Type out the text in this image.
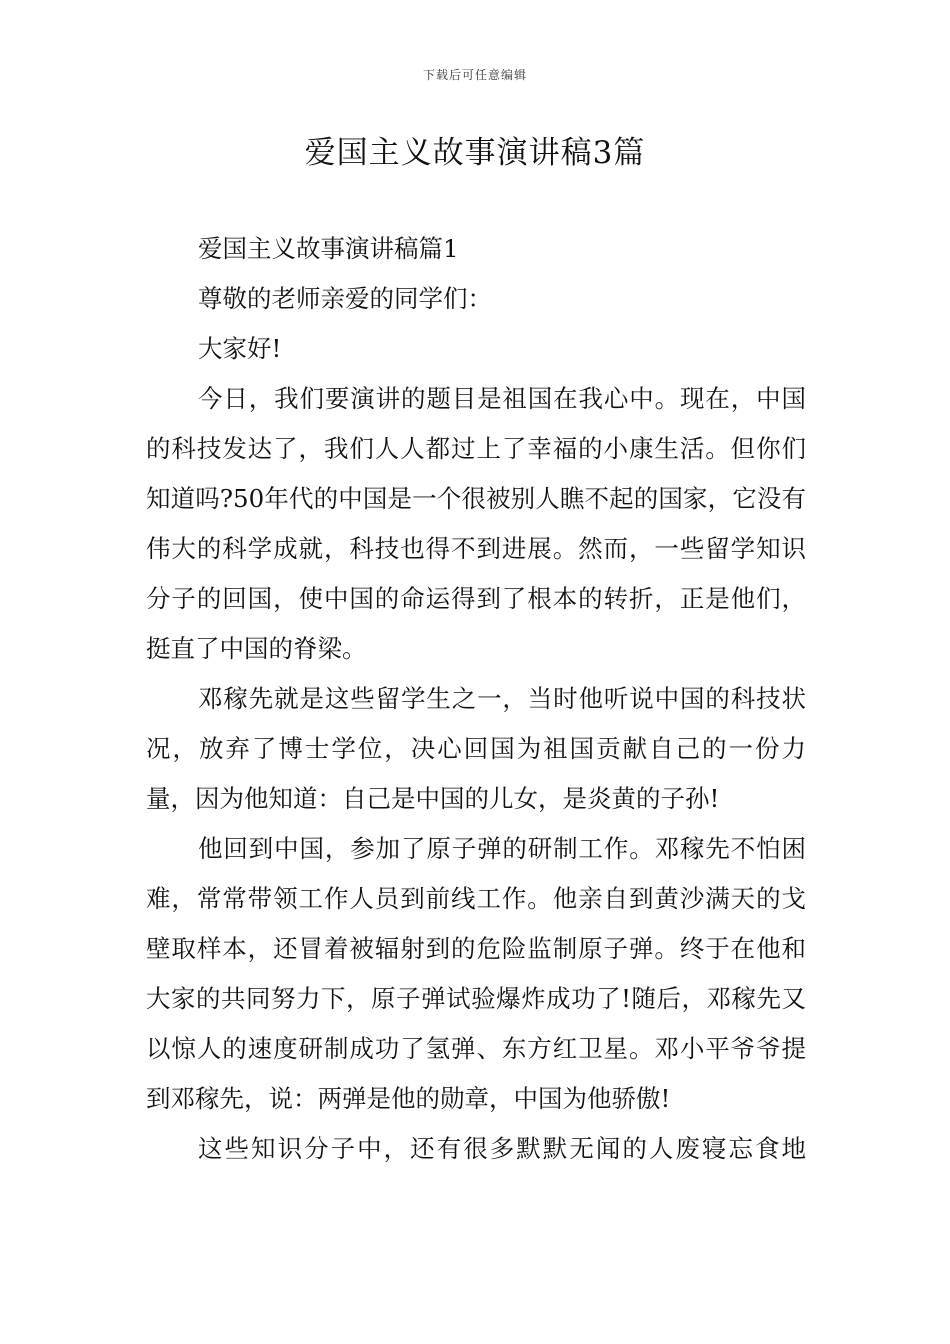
下载后可任意编辑
爱国主义故事演讲稿3篇

爱国主义故事演讲稿篇1

尊敬的老师亲爱的同学们：

大家好!

今日，我们要演讲的题目是祖国在我心中。现在，中国的科技发达了，我们人人都过上了幸福的小康生活。但你们知道吗?50年代的中国是一个很被别人瞧不起的国家，它没有伟大的科学成就，科技也得不到进展。然而，一些留学知识分子的回国，使中国的命运得到了根本的转折，正是他们，挺直了中国的脊梁。

邓稼先就是这些留学生之一，当时他听说中国的科技状况，放弃了博士学位，决心回国为祖国贡献自己的一份力量，因为他知道：自己是中国的儿女，是炎黄的子孙!

他回到中国，参加了原子弹的研制工作。邓稼先不怕困难，常常带领工作人员到前线工作。他亲自到黄沙满天的戈壁取样本，还冒着被辐射到的危险监制原子弹。终于在他和大家的共同努力下，原子弹试验爆炸成功了!随后，邓稼先又以惊人的速度研制成功了氢弹、东方红卫星。邓小平爷爷提到邓稼先，说：两弹是他的勋章，中国为他骄傲!

这些知识分子中，还有很多默默无闻的人废寝忘食地
